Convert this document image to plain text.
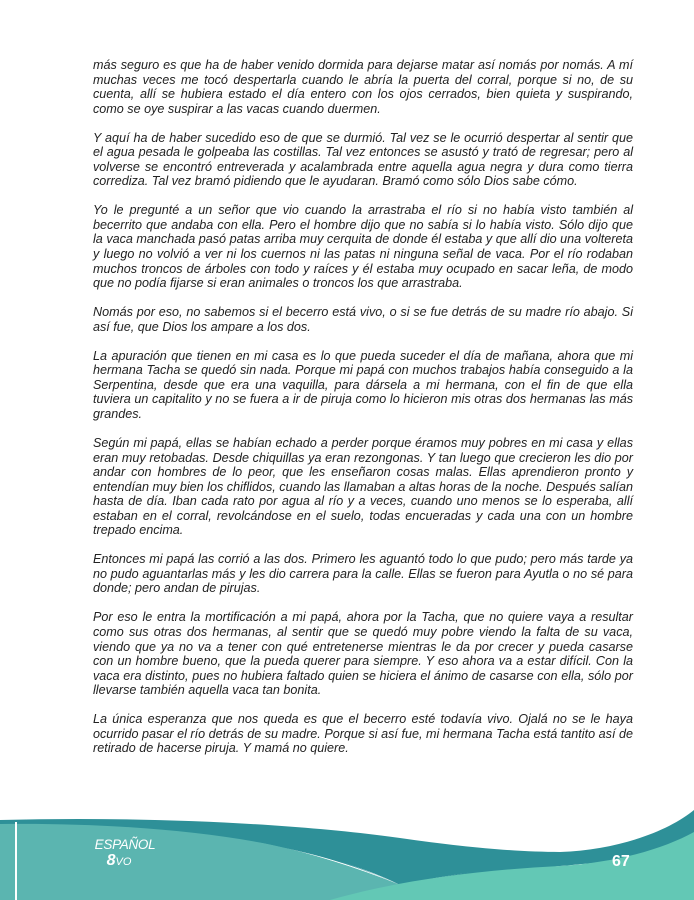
más seguro es que ha de haber venido dormida para dejarse matar así nomás por nomás. A mí muchas veces me tocó despertarla cuando le abría la puerta del corral, porque si no, de su cuenta, allí se hubiera estado el día entero con los ojos cerrados, bien quieta y suspirando, como se oye suspirar a las vacas cuando duermen.

Y aquí ha de haber sucedido eso de que se durmió. Tal vez se le ocurrió despertar al sentir que el agua pesada le golpeaba las costillas. Tal vez entonces se asustó y trató de regresar; pero al volverse se encontró entreverada y acalambrada entre aquella agua negra y dura como tierra corrediza. Tal vez bramó pidiendo que le ayudaran. Bramó como sólo Dios sabe cómo.

Yo le pregunté a un señor que vio cuando la arrastraba el río si no había visto también al becerrito que andaba con ella. Pero el hombre dijo que no sabía si lo había visto. Sólo dijo que la vaca manchada pasó patas arriba muy cerquita de donde él estaba y que allí dio una voltereta y luego no volvió a ver ni los cuernos ni las patas ni ninguna señal de vaca. Por el río rodaban muchos troncos de árboles con todo y raíces y él estaba muy ocupado en sacar leña, de modo que no podía fijarse si eran animales o troncos los que arrastraba.

Nomás por eso, no sabemos si el becerro está vivo, o si se fue detrás de su madre río abajo. Si así fue, que Dios los ampare a los dos.

La apuración que tienen en mi casa es lo que pueda suceder el día de mañana, ahora que mi hermana Tacha se quedó sin nada. Porque mi papá con muchos trabajos había conseguido a la Serpentina, desde que era una vaquilla, para dársela a mi hermana, con el fin de que ella tuviera un capitalito y no se fuera a ir de piruja como lo hicieron mis otras dos hermanas las más grandes.

Según mi papá, ellas se habían echado a perder porque éramos muy pobres en mi casa y ellas eran muy retobadas. Desde chiquillas ya eran rezongonas. Y tan luego que crecieron les dio por andar con hombres de lo peor, que les enseñaron cosas malas. Ellas aprendieron pronto y entendían muy bien los chiflidos, cuando las llamaban a altas horas de la noche. Después salían hasta de día. Iban cada rato por agua al río y a veces, cuando uno menos se lo esperaba, allí estaban en el corral, revolcándose en el suelo, todas encueradas y cada una con un hombre trepado encima.

Entonces mi papá las corrió a las dos. Primero les aguantó todo lo que pudo; pero más tarde ya no pudo aguantarlas más y les dio carrera para la calle. Ellas se fueron para Ayutla o no sé para donde; pero andan de pirujas.

Por eso le entra la mortificación a mi papá, ahora por la Tacha, que no quiere vaya a resultar como sus otras dos hermanas, al sentir que se quedó muy pobre viendo la falta de su vaca, viendo que ya no va a tener con qué entretenerse mientras le da por crecer y pueda casarse con un hombre bueno, que la pueda querer para siempre. Y eso ahora va a estar difícil. Con la vaca era distinto, pues no hubiera faltado quien se hiciera el ánimo de casarse con ella, sólo por llevarse también aquella vaca tan bonita.

La única esperanza que nos queda es que el becerro esté todavía vivo. Ojalá no se le haya ocurrido pasar el río detrás de su madre. Porque si así fue, mi hermana Tacha está tantito así de retirado de hacerse piruja. Y mamá no quiere.

ESPAÑOL
8VO	67
